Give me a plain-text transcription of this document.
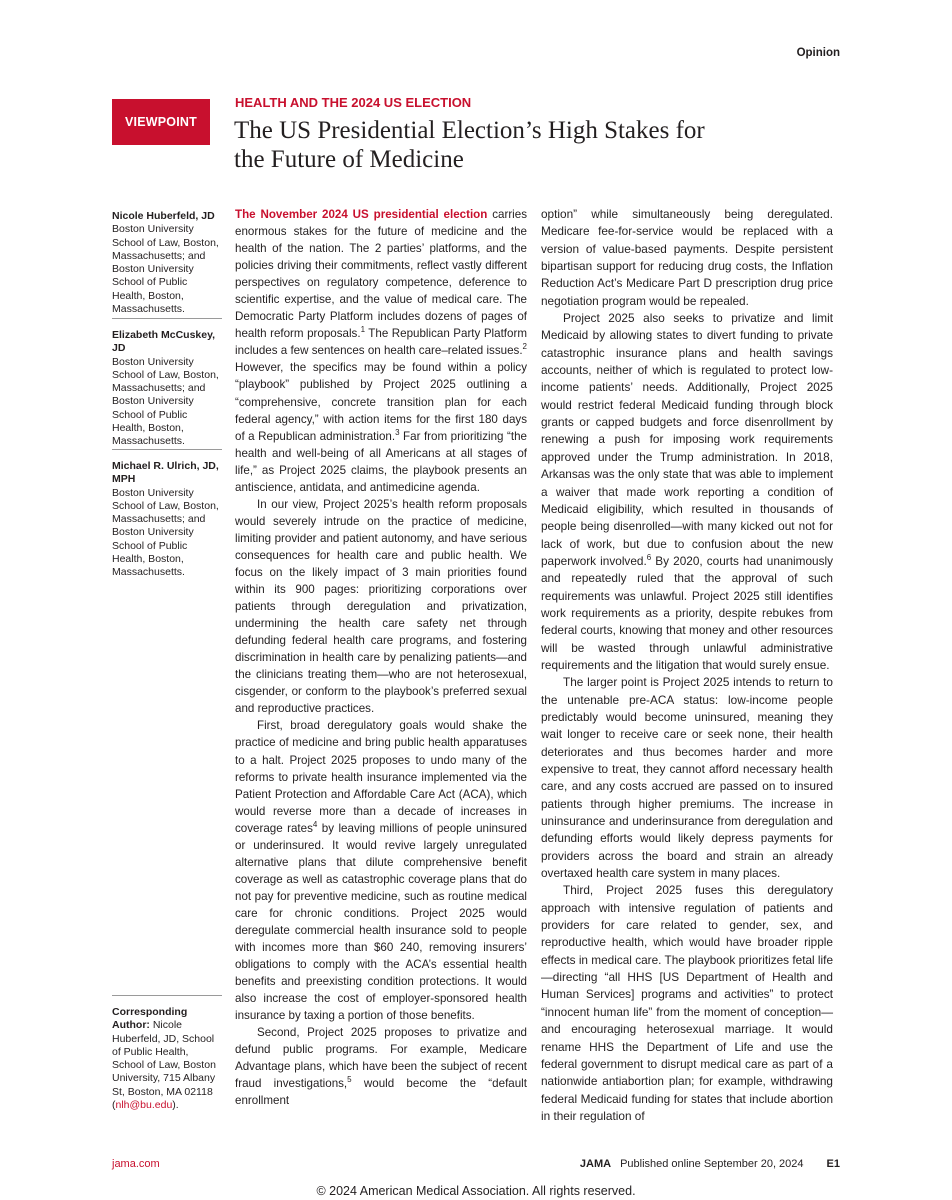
Opinion
VIEWPOINT
HEALTH AND THE 2024 US ELECTION
The US Presidential Election’s High Stakes for the Future of Medicine
Nicole Huberfeld, JD
Boston University School of Law, Boston, Massachusetts; and Boston University School of Public Health, Boston, Massachusetts.
Elizabeth McCuskey, JD
Boston University School of Law, Boston, Massachusetts; and Boston University School of Public Health, Boston, Massachusetts.
Michael R. Ulrich, JD, MPH
Boston University School of Law, Boston, Massachusetts; and Boston University School of Public Health, Boston, Massachusetts.
Corresponding Author: Nicole Huberfeld, JD, School of Public Health, School of Law, Boston University, 715 Albany St, Boston, MA 02118 (nlh@bu.edu).

The November 2024 US presidential election carries enormous stakes for the future of medicine and the health of the nation. The 2 parties’ platforms, and the policies driving their commitments, reflect vastly different perspectives on regulatory competence, deference to scientific expertise, and the value of medical care. The Democratic Party Platform includes dozens of pages of health reform proposals.$^1$ The Republican Party Platform includes a few sentences on health care–related issues.$^2$ However, the specifics may be found within a policy “playbook” published by Project 2025 outlining a “comprehensive, concrete transition plan for each federal agency,” with action items for the first 180 days of a Republican administration.$^3$ Far from prioritizing “the health and well-being of all Americans at all stages of life,” as Project 2025 claims, the playbook presents an antiscience, antidata, and antimedicine agenda.

In our view, Project 2025’s health reform proposals would severely intrude on the practice of medicine, limiting provider and patient autonomy, and have serious consequences for health care and public health. We focus on the likely impact of 3 main priorities found within its 900 pages: prioritizing corporations over patients through deregulation and privatization, undermining the health care safety net through defunding federal health care programs, and fostering discrimination in health care by penalizing patients—and the clinicians treating them—who are not heterosexual, cisgender, or conform to the playbook’s preferred sexual and reproductive practices.

First, broad deregulatory goals would shake the practice of medicine and bring public health apparatuses to a halt. Project 2025 proposes to undo many of the reforms to private health insurance implemented via the Patient Protection and Affordable Care Act (ACA), which would reverse more than a decade of increases in coverage rates$^4$ by leaving millions of people uninsured or underinsured. It would revive largely unregulated alternative plans that dilute comprehensive benefit coverage as well as catastrophic coverage plans that do not pay for preventive medicine, such as routine medical care for chronic conditions. Project 2025 would deregulate commercial health insurance sold to people with incomes more than $60 240, removing insurers’ obligations to comply with the ACA’s essential health benefits and preexisting condition protections. It would also increase the cost of employer-sponsored health insurance by taxing a portion of those benefits.

Second, Project 2025 proposes to privatize and defund public programs. For example, Medicare Advantage plans, which have been the subject of recent fraud investigations,$^5$ would become the “default enrollment

option” while simultaneously being deregulated. Medicare fee-for-service would be replaced with a version of value-based payments. Despite persistent bipartisan support for reducing drug costs, the Inflation Reduction Act’s Medicare Part D prescription drug price negotiation program would be repealed.

Project 2025 also seeks to privatize and limit Medicaid by allowing states to divert funding to private catastrophic insurance plans and health savings accounts, neither of which is regulated to protect low-income patients’ needs. Additionally, Project 2025 would restrict federal Medicaid funding through block grants or capped budgets and force disenrollment by renewing a push for imposing work requirements approved under the Trump administration. In 2018, Arkansas was the only state that was able to implement a waiver that made work reporting a condition of Medicaid eligibility, which resulted in thousands of people being disenrolled—with many kicked out not for lack of work, but due to confusion about the new paperwork involved.$^6$ By 2020, courts had unanimously and repeatedly ruled that the approval of such requirements was unlawful. Project 2025 still identifies work requirements as a priority, despite rebukes from federal courts, knowing that money and other resources will be wasted through unlawful administrative requirements and the litigation that would surely ensue.

The larger point is Project 2025 intends to return to the untenable pre-ACA status: low-income people predictably would become uninsured, meaning they wait longer to receive care or seek none, their health deteriorates and thus becomes harder and more expensive to treat, they cannot afford necessary health care, and any costs accrued are passed on to insured patients through higher premiums. The increase in uninsurance and underinsurance from deregulation and defunding efforts would likely depress payments for providers across the board and strain an already overtaxed health care system in many places.

Third, Project 2025 fuses this deregulatory approach with intensive regulation of patients and providers for care related to gender, sex, and reproductive health, which would have broader ripple effects in medical care. The playbook prioritizes fetal life—directing “all HHS [US Department of Health and Human Services] programs and activities” to protect “innocent human life” from the moment of conception—and encouraging heterosexual marriage. It would rename HHS the Department of Life and use the federal government to disrupt medical care as part of a nationwide antiabortion plan; for example, withdrawing federal Medicaid funding for states that include abortion in their regulation of

jama.com	JAMA Published online September 20, 2024 E1
© 2024 American Medical Association. All rights reserved.
